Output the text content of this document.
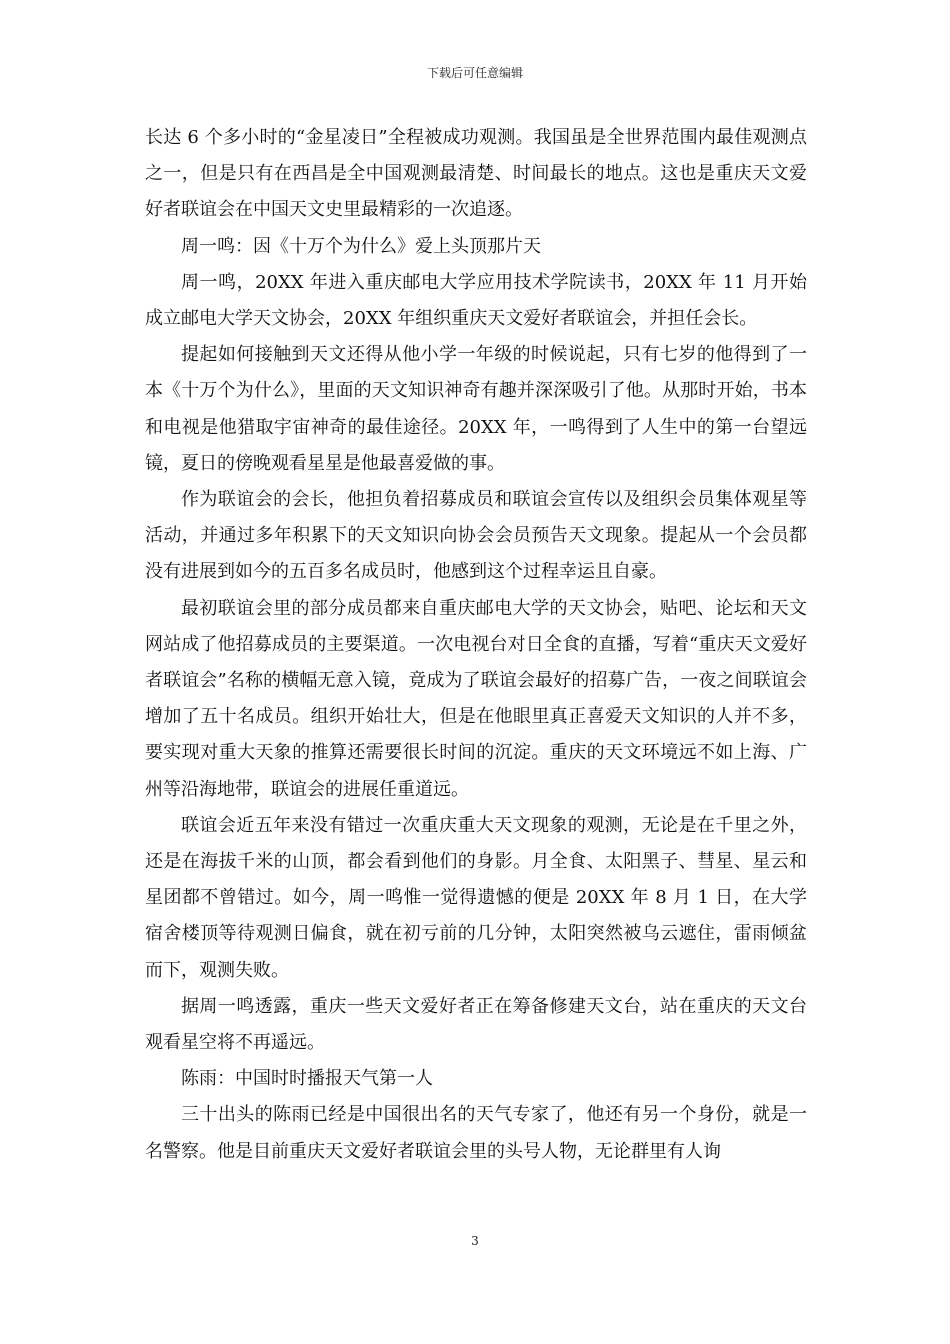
下载后可任意编辑

长达 6 个多小时的“金星凌日”全程被成功观测。我国虽是全世界范围内最佳观测点之一，但是只有在西昌是全中国观测最清楚、时间最长的地点。这也是重庆天文爱好者联谊会在中国天文史里最精彩的一次追逐。

周一鸣：因《十万个为什么》爱上头顶那片天

周一鸣，20XX 年进入重庆邮电大学应用技术学院读书，20XX 年 11 月开始成立邮电大学天文协会，20XX 年组织重庆天文爱好者联谊会，并担任会长。

提起如何接触到天文还得从他小学一年级的时候说起，只有七岁的他得到了一本《十万个为什么》，里面的天文知识神奇有趣并深深吸引了他。从那时开始，书本和电视是他猎取宇宙神奇的最佳途径。20XX 年，一鸣得到了人生中的第一台望远镜，夏日的傍晚观看星星是他最喜爱做的事。

作为联谊会的会长，他担负着招募成员和联谊会宣传以及组织会员集体观星等活动，并通过多年积累下的天文知识向协会会员预告天文现象。提起从一个会员都没有进展到如今的五百多名成员时，他感到这个过程幸运且自豪。

最初联谊会里的部分成员都来自重庆邮电大学的天文协会，贴吧、论坛和天文网站成了他招募成员的主要渠道。一次电视台对日全食的直播，写着“重庆天文爱好者联谊会”名称的横幅无意入镜，竟成为了联谊会最好的招募广告，一夜之间联谊会增加了五十名成员。组织开始壮大，但是在他眼里真正喜爱天文知识的人并不多，要实现对重大天象的推算还需要很长时间的沉淀。重庆的天文环境远不如上海、广州等沿海地带，联谊会的进展任重道远。

联谊会近五年来没有错过一次重庆重大天文现象的观测，无论是在千里之外，还是在海拔千米的山顶，都会看到他们的身影。月全食、太阳黑子、彗星、星云和星团都不曾错过。如今，周一鸣惟一觉得遗憾的便是 20XX 年 8 月 1 日，在大学宿舍楼顶等待观测日偏食，就在初亏前的几分钟，太阳突然被乌云遮住，雷雨倾盆而下，观测失败。

据周一鸣透露，重庆一些天文爱好者正在筹备修建天文台，站在重庆的天文台观看星空将不再遥远。

陈雨：中国时时播报天气第一人

三十出头的陈雨已经是中国很出名的天气专家了，他还有另一个身份，就是一名警察。他是目前重庆天文爱好者联谊会里的头号人物，无论群里有人询

3
